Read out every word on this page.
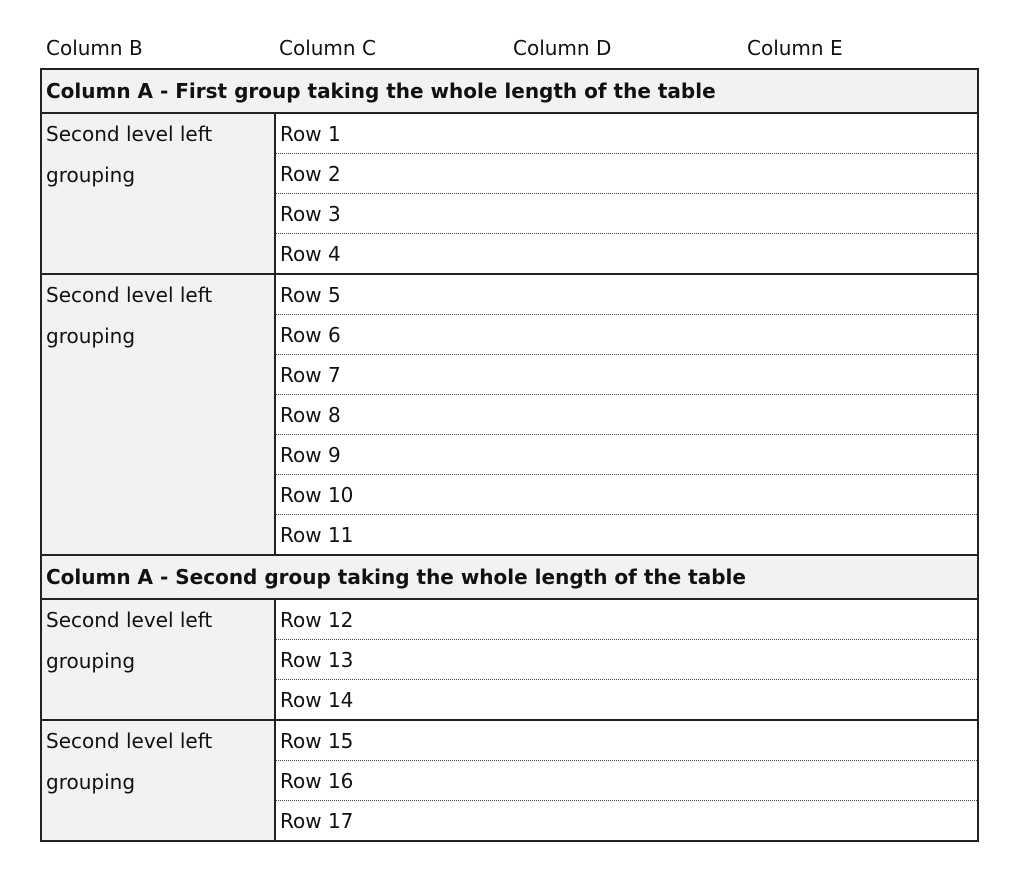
Column B	Column C	Column D	Column E
Column A - First group taking the whole length of the table	
Second level left grouping	Row 1
	Row 2
	Row 3
	Row 4
Second level left grouping	Row 5
	Row 6
	Row 7
	Row 8
	Row 9
	Row 10
	Row 11
Column A - Second group taking the whole length of the table	
Second level left grouping	Row 12
	Row 13
	Row 14
Second level left grouping	Row 15
	Row 16
	Row 17
